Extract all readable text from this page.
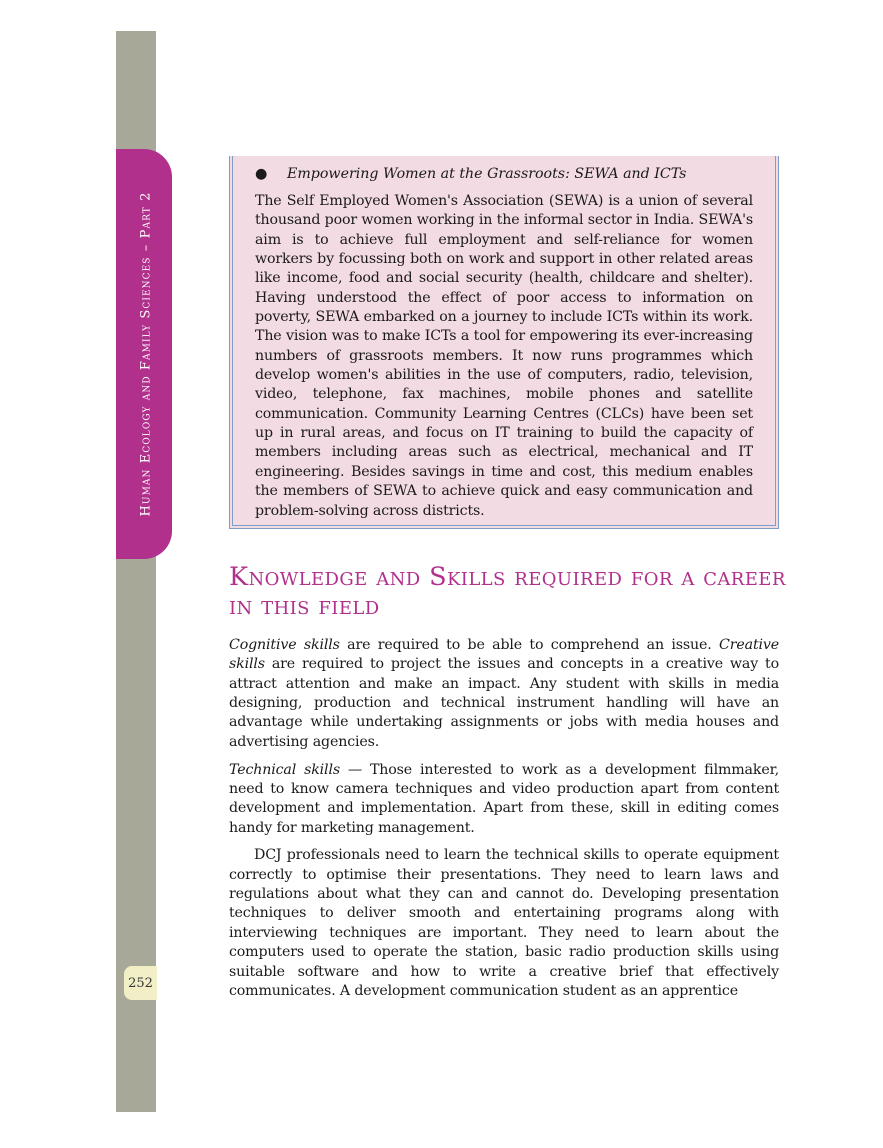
Human Ecology and Family Sciences – Part 2
252

● Empowering Women at the Grassroots: SEWA and ICTs

The Self Employed Women's Association (SEWA) is a union of several thousand poor women working in the informal sector in India. SEWA's aim is to achieve full employment and self-reliance for women workers by focussing both on work and support in other related areas like income, food and social security (health, childcare and shelter). Having understood the effect of poor access to information on poverty, SEWA embarked on a journey to include ICTs within its work. The vision was to make ICTs a tool for empowering its ever-increasing numbers of grassroots members. It now runs programmes which develop women's abilities in the use of computers, radio, television, video, telephone, fax machines, mobile phones and satellite communication. Community Learning Centres (CLCs) have been set up in rural areas, and focus on IT training to build the capacity of members including areas such as electrical, mechanical and IT engineering. Besides savings in time and cost, this medium enables the members of SEWA to achieve quick and easy communication and problem-solving across districts.

Knowledge and Skills required for a career in this field

Cognitive skills are required to be able to comprehend an issue. Creative skills are required to project the issues and concepts in a creative way to attract attention and make an impact. Any student with skills in media designing, production and technical instrument handling will have an advantage while undertaking assignments or jobs with media houses and advertising agencies.

Technical skills — Those interested to work as a development filmmaker, need to know camera techniques and video production apart from content development and implementation. Apart from these, skill in editing comes handy for marketing management.

DCJ professionals need to learn the technical skills to operate equipment correctly to optimise their presentations. They need to learn laws and regulations about what they can and cannot do. Developing presentation techniques to deliver smooth and entertaining programs along with interviewing techniques are important. They need to learn about the computers used to operate the station, basic radio production skills using suitable software and how to write a creative brief that effectively communicates. A development communication student as an apprentice
